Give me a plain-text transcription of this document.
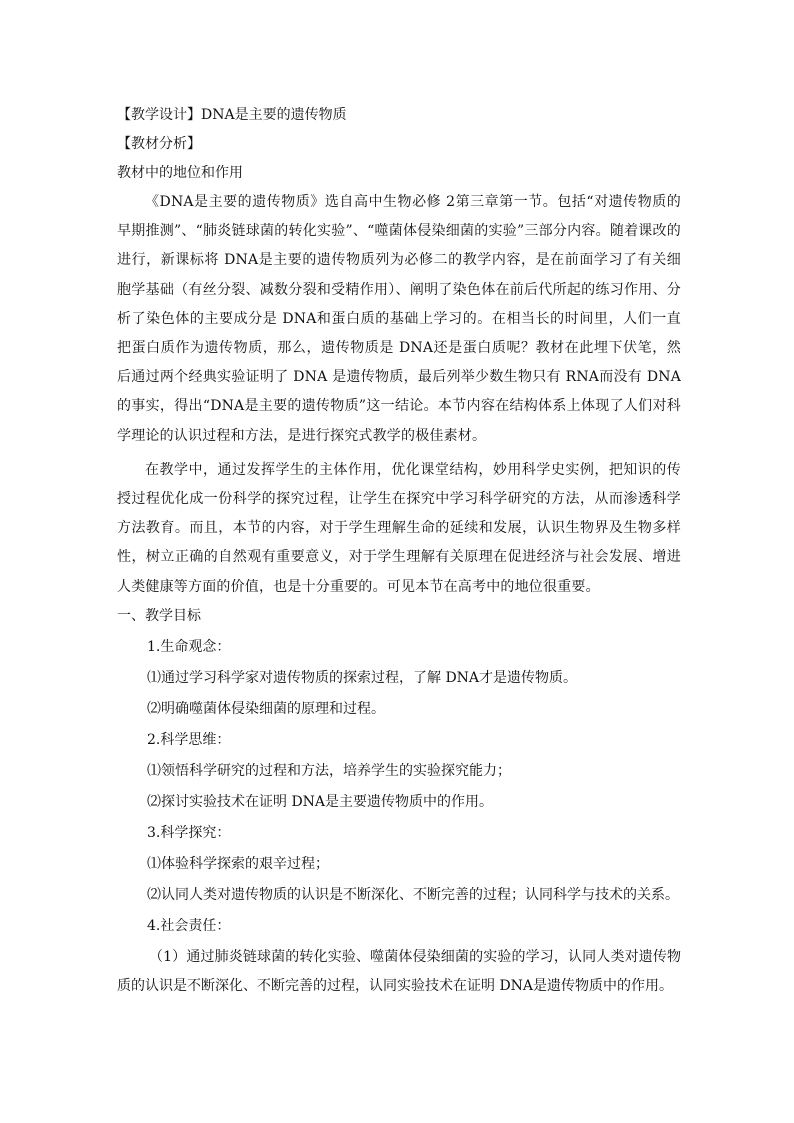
【教学设计】DNA是主要的遗传物质

【教材分析】

教材中的地位和作用

《DNA是主要的遗传物质》选自高中生物必修 2第三章第一节。包括“对遗传物质的早期推测”、“肺炎链球菌的转化实验”、“噬菌体侵染细菌的实验”三部分内容。随着课改的进行，新课标将 DNA是主要的遗传物质列为必修二的教学内容，是在前面学习了有关细胞学基础（有丝分裂、减数分裂和受精作用）、阐明了染色体在前后代所起的练习作用、分析了染色体的主要成分是 DNA和蛋白质的基础上学习的。在相当长的时间里，人们一直把蛋白质作为遗传物质，那么，遗传物质是 DNA还是蛋白质呢？教材在此埋下伏笔，然后通过两个经典实验证明了 DNA 是遗传物质，最后列举少数生物只有 RNA而没有 DNA的事实，得出“DNA是主要的遗传物质”这一结论。本节内容在结构体系上体现了人们对科学理论的认识过程和方法，是进行探究式教学的极佳素材。

在教学中，通过发挥学生的主体作用，优化课堂结构，妙用科学史实例，把知识的传授过程优化成一份科学的探究过程，让学生在探究中学习科学研究的方法，从而渗透科学方法教育。而且，本节的内容，对于学生理解生命的延续和发展，认识生物界及生物多样性，树立正确的自然观有重要意义，对于学生理解有关原理在促进经济与社会发展、增进人类健康等方面的价值，也是十分重要的。可见本节在高考中的地位很重要。

一、教学目标

1.生命观念：

⑴通过学习科学家对遗传物质的探索过程，了解 DNA才是遗传物质。

⑵明确噬菌体侵染细菌的原理和过程。

2.科学思维：

⑴领悟科学研究的过程和方法，培养学生的实验探究能力；

⑵探讨实验技术在证明 DNA是主要遗传物质中的作用。

3.科学探究：

⑴体验科学探索的艰辛过程；

⑵认同人类对遗传物质的认识是不断深化、不断完善的过程；认同科学与技术的关系。

4.社会责任：

（1）通过肺炎链球菌的转化实验、噬菌体侵染细菌的实验的学习，认同人类对遗传物质的认识是不断深化、不断完善的过程，认同实验技术在证明 DNA是遗传物质中的作用。
